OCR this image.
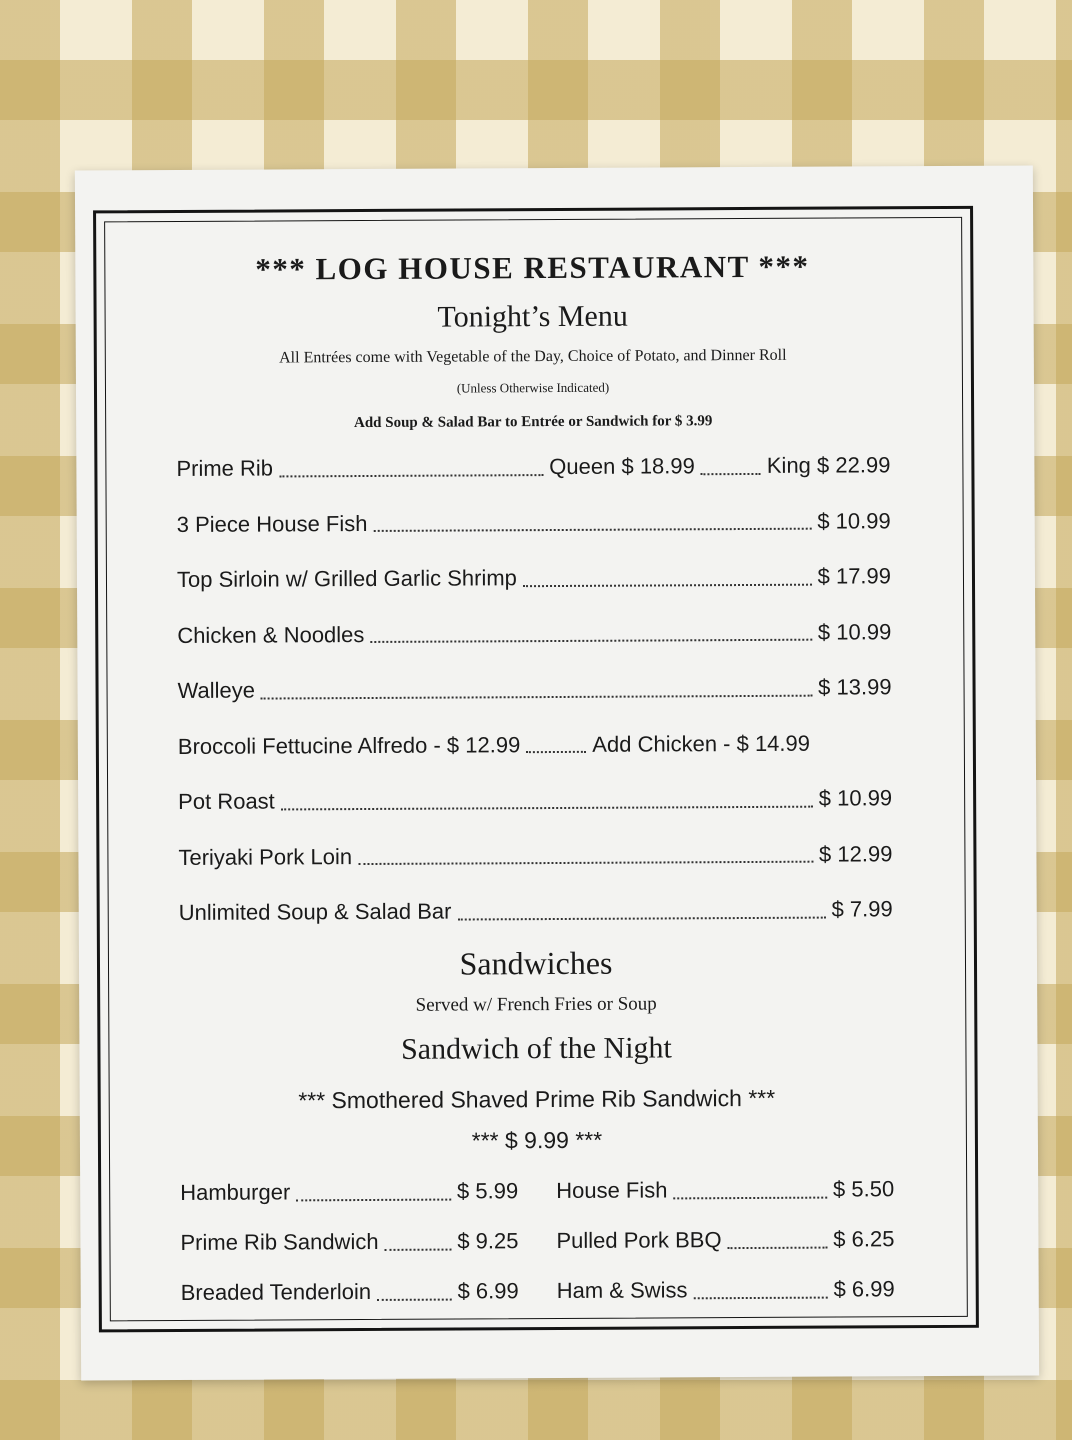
*** LOG HOUSE RESTAURANT ***
Tonight’s Menu
All Entrées come with Vegetable of the Day, Choice of Potato, and Dinner Roll
(Unless Otherwise Indicated)
Add Soup & Salad Bar to Entrée or Sandwich for $ 3.99
Prime Rib	Queen $ 18.99	King $ 22.99
3 Piece House Fish	$ 10.99
Top Sirloin w/ Grilled Garlic Shrimp	$ 17.99
Chicken & Noodles	$ 10.99
Walleye	$ 13.99
Broccoli Fettucine Alfredo - $ 12.99	Add Chicken - $ 14.99
Pot Roast	$ 10.99
Teriyaki Pork Loin	$ 12.99
Unlimited Soup & Salad Bar	$ 7.99
Sandwiches
Served w/ French Fries or Soup
Sandwich of the Night
*** Smothered Shaved Prime Rib Sandwich ***
*** $ 9.99 ***
Hamburger	$ 5.99 House Fish	$ 5.50
Prime Rib Sandwich	$ 9.25 Pulled Pork BBQ	$ 6.25
Breaded Tenderloin	$ 6.99 Ham & Swiss	$ 6.99
